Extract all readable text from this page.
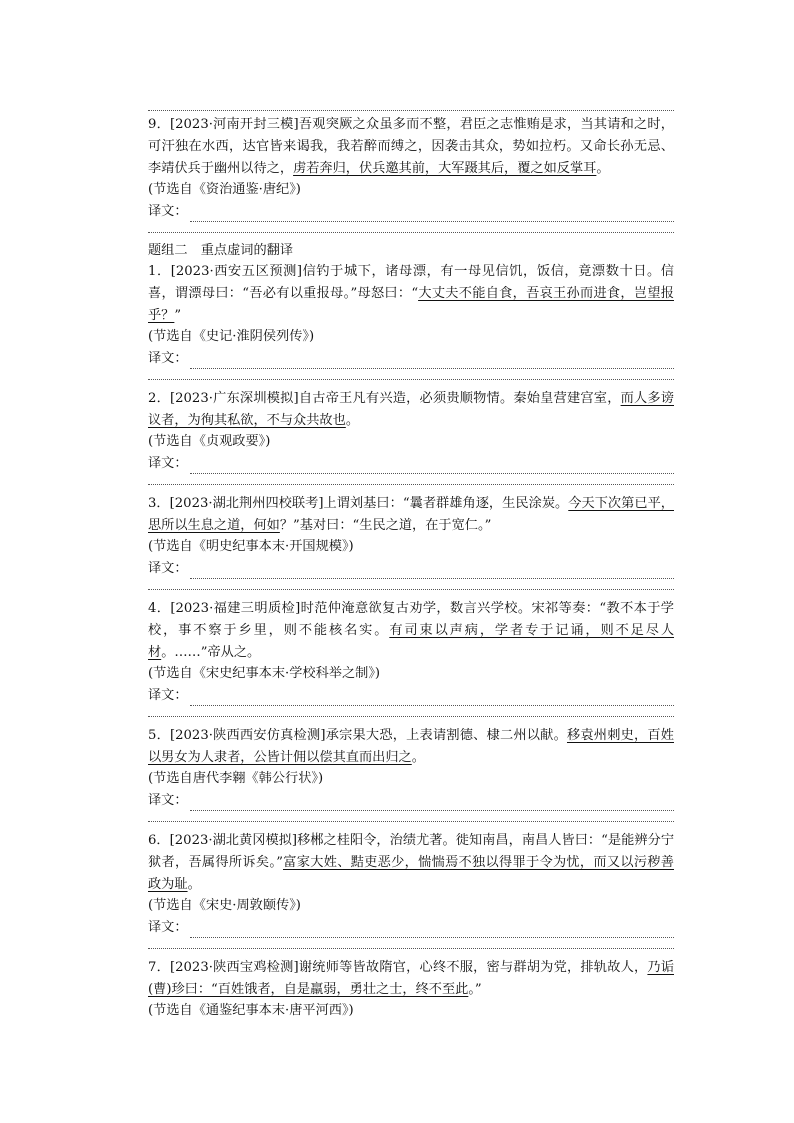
9．[2023·河南开封三模]吾观突厥之众虽多而不整，君臣之志惟贿是求，当其请和之时，可汗独在水西，达官皆来谒我，我若醉而缚之，因袭击其众，势如拉朽。又命长孙无忌、李靖伏兵于幽州以待之，虏若奔归，伏兵邀其前，大军蹑其后，覆之如反掌耳。
(节选自《资治通鉴·唐纪》)
译文：
题组二　重点虚词的翻译
1．[2023·西安五区预测]信钓于城下，诸母漂，有一母见信饥，饭信，竟漂数十日。信喜，谓漂母曰：“吾必有以重报母。”母怒曰：“大丈夫不能自食，吾哀王孙而进食，岂望报乎？”
(节选自《史记·淮阴侯列传》)
译文：
2．[2023·广东深圳模拟]自古帝王凡有兴造，必须贵顺物情。秦始皇营建宫室，而人多谤议者，为徇其私欲，不与众共故也。
(节选自《贞观政要》)
译文：
3．[2023·湖北荆州四校联考]上谓刘基曰：“曩者群雄角逐，生民涂炭。今天下次第已平，思所以生息之道，何如？”基对曰：“生民之道，在于宽仁。”
(节选自《明史纪事本末·开国规模》)
译文：
4．[2023·福建三明质检]时范仲淹意欲复古劝学，数言兴学校。宋祁等奏：“教不本于学校，事不察于乡里，则不能核名实。有司束以声病，学者专于记诵，则不足尽人材。……”帝从之。
(节选自《宋史纪事本末·学校科举之制》)
译文：
5．[2023·陕西西安仿真检测]承宗果大恐，上表请割德、棣二州以献。移袁州刺史，百姓以男女为人隶者，公皆计佣以偿其直而出归之。
(节选自唐代李翱《韩公行状》)
译文：
6．[2023·湖北黄冈模拟]移郴之桂阳令，治绩尤著。徙知南昌，南昌人皆曰：“是能辨分宁狱者，吾属得所诉矣。”富家大姓、黠吏恶少，惴惴焉不独以得罪于令为忧，而又以污秽善政为耻。
(节选自《宋史·周敦颐传》)
译文：
7．[2023·陕西宝鸡检测]谢统师等皆故隋官，心终不服，密与群胡为党，排轨故人，乃诟(曹)珍曰：“百姓饿者，自是羸弱，勇壮之士，终不至此。”
(节选自《通鉴纪事本末·唐平河西》)
